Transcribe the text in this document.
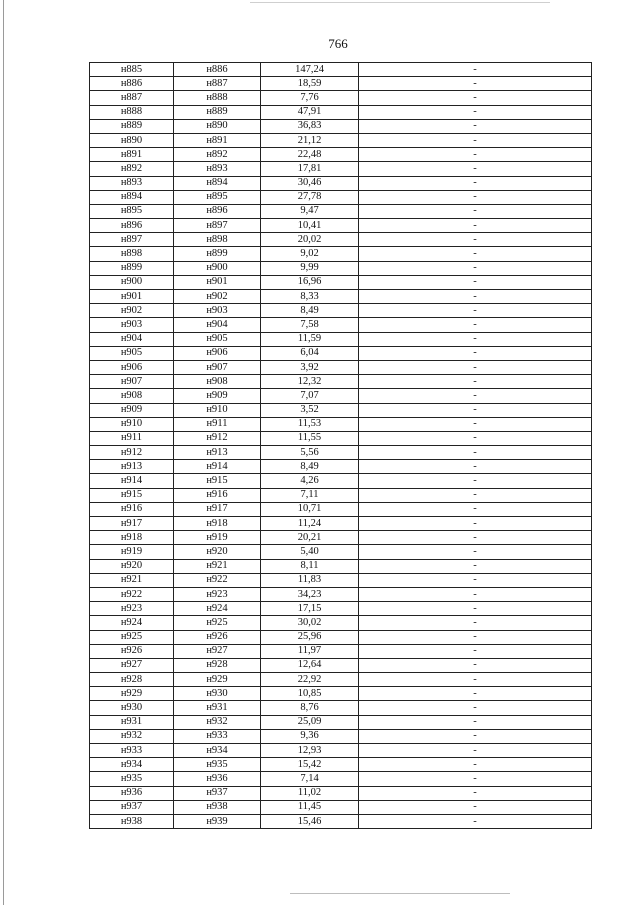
766
н885	н886	147,24	-
н886	н887	18,59	-
н887	н888	7,76	-
н888	н889	47,91	-
н889	н890	36,83	-
н890	н891	21,12	-
н891	н892	22,48	-
н892	н893	17,81	-
н893	н894	30,46	-
н894	н895	27,78	-
н895	н896	9,47	-
н896	н897	10,41	-
н897	н898	20,02	-
н898	н899	9,02	-
н899	н900	9,99	-
н900	н901	16,96	-
н901	н902	8,33	-
н902	н903	8,49	-
н903	н904	7,58	-
н904	н905	11,59	-
н905	н906	6,04	-
н906	н907	3,92	-
н907	н908	12,32	-
н908	н909	7,07	-
н909	н910	3,52	-
н910	н911	11,53	-
н911	н912	11,55	-
н912	н913	5,56	-
н913	н914	8,49	-
н914	н915	4,26	-
н915	н916	7,11	-
н916	н917	10,71	-
н917	н918	11,24	-
н918	н919	20,21	-
н919	н920	5,40	-
н920	н921	8,11	-
н921	н922	11,83	-
н922	н923	34,23	-
н923	н924	17,15	-
н924	н925	30,02	-
н925	н926	25,96	-
н926	н927	11,97	-
н927	н928	12,64	-
н928	н929	22,92	-
н929	н930	10,85	-
н930	н931	8,76	-
н931	н932	25,09	-
н932	н933	9,36	-
н933	н934	12,93	-
н934	н935	15,42	-
н935	н936	7,14	-
н936	н937	11,02	-
н937	н938	11,45	-
н938	н939	15,46	-
